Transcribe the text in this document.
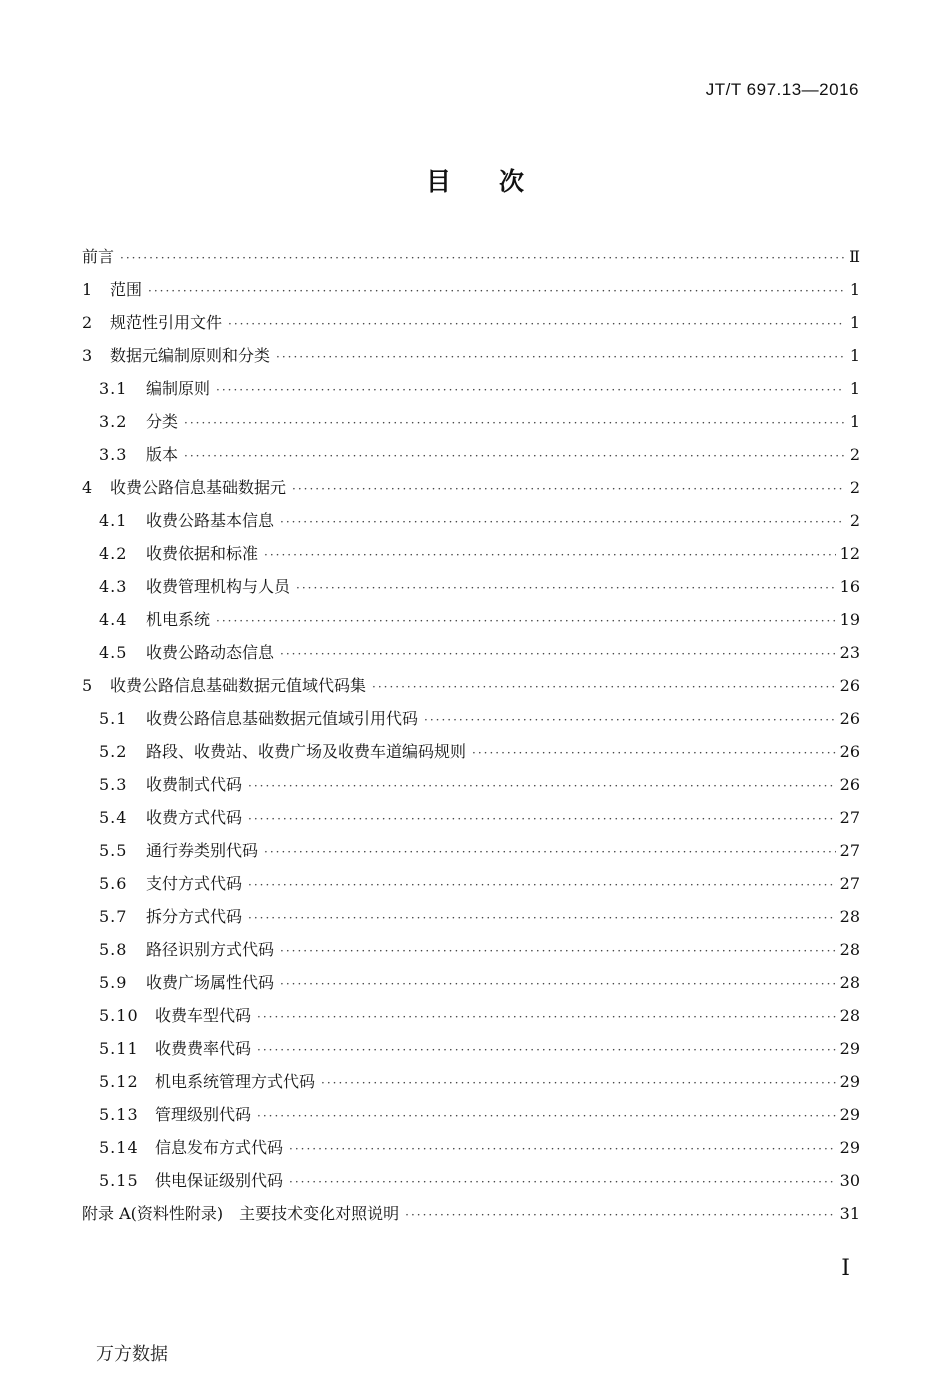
JT/T 697.13—2016
目 次
前言 ·····	Ⅱ
1	范围 ·····	1
2	规范性引用文件 ·····	1
3	数据元编制原则和分类 ·····	1
3.1	编制原则 ·····	1
3.2	分类 ·····	1
3.3	版本 ·····	2
4	收费公路信息基础数据元 ·····	2
4.1	收费公路基本信息 ·····	2
4.2	收费依据和标准 ·····	12
4.3	收费管理机构与人员 ·····	16
4.4	机电系统 ·····	19
4.5	收费公路动态信息 ·····	23
5	收费公路信息基础数据元值域代码集 ·····	26
5.1	收费公路信息基础数据元值域引用代码 ·····	26
5.2	路段、收费站、收费广场及收费车道编码规则 ·····	26
5.3	收费制式代码 ·····	26
5.4	收费方式代码 ·····	27
5.5	通行券类别代码 ·····	27
5.6	支付方式代码 ·····	27
5.7	拆分方式代码 ·····	28
5.8	路径识别方式代码 ·····	28
5.9	收费广场属性代码 ·····	28
5.10	收费车型代码 ·····	28
5.11	收费费率代码 ·····	29
5.12	机电系统管理方式代码 ·····	29
5.13	管理级别代码 ·····	29
5.14	信息发布方式代码 ·····	29
5.15	供电保证级别代码 ·····	30
附录 A(资料性附录)　主要技术变化对照说明 ·····	31
Ⅰ
万方数据
